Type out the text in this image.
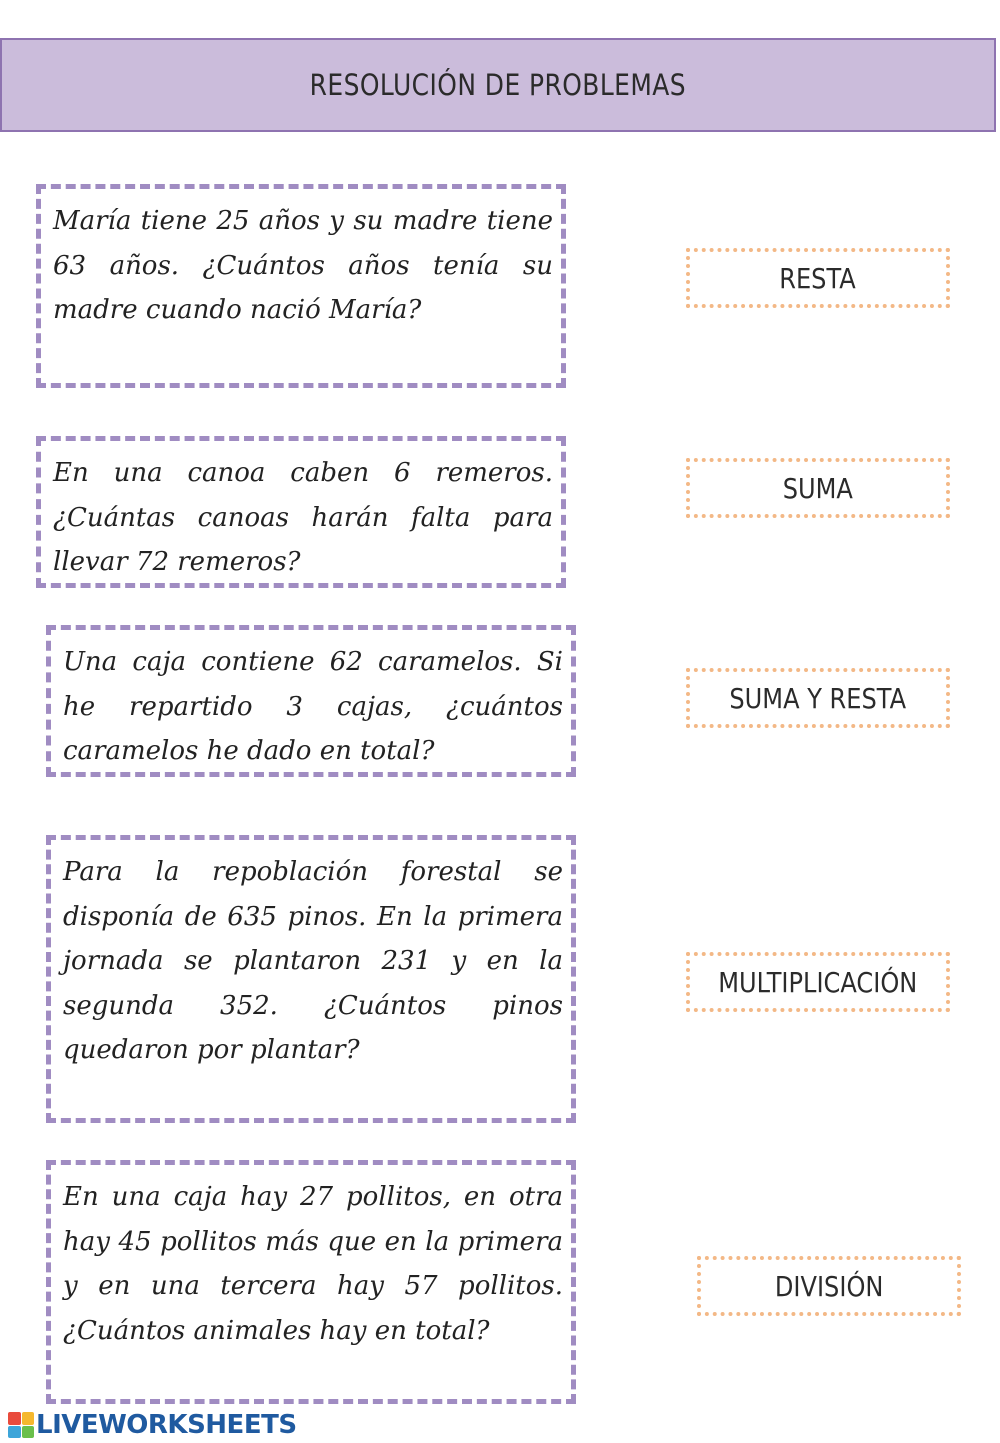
RESOLUCIÓN DE PROBLEMAS
María tiene 25 años y su madre tiene 63 años. ¿Cuántos años tenía su madre cuando nació María?
En una canoa caben 6 remeros. ¿Cuántas canoas harán falta para llevar 72 remeros?
Una caja contiene 62 caramelos. Si he repartido 3 cajas, ¿cuántos caramelos he dado en total?
Para la repoblación forestal se disponía de 635 pinos. En la primera jornada se plantaron 231 y en la segunda 352. ¿Cuántos pinos quedaron por plantar?
En una caja hay 27 pollitos, en otra hay 45 pollitos más que en la primera y en una tercera hay 57 pollitos. ¿Cuántos animales hay en total?
RESTA
SUMA
SUMA Y RESTA
MULTIPLICACIÓN
DIVISIÓN
LIVEWORKSHEETS
